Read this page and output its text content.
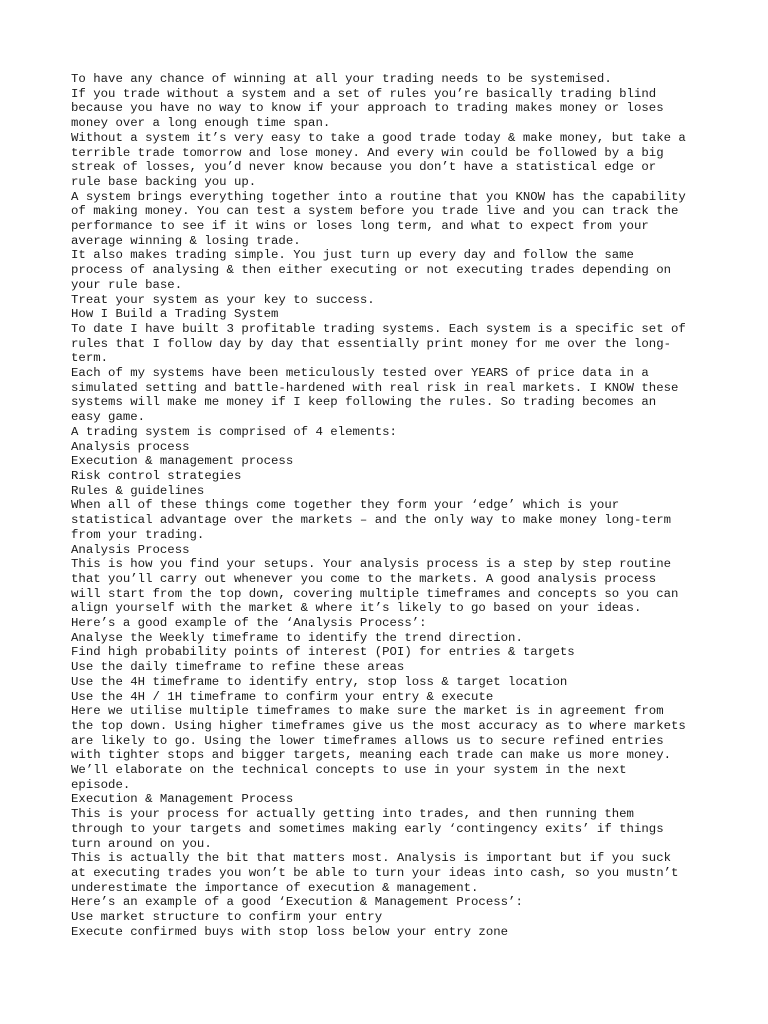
To have any chance of winning at all your trading needs to be systemised.

If you trade without a system and a set of rules you’re basically trading blind

because you have no way to know if your approach to trading makes money or loses

money over a long enough time span.

Without a system it’s very easy to take a good trade today & make money, but take a

terrible trade tomorrow and lose money. And every win could be followed by a big

streak of losses, you’d never know because you don’t have a statistical edge or

rule base backing you up.

A system brings everything together into a routine that you KNOW has the capability

of making money. You can test a system before you trade live and you can track the

performance to see if it wins or loses long term, and what to expect from your

average winning & losing trade.

It also makes trading simple. You just turn up every day and follow the same

process of analysing & then either executing or not executing trades depending on

your rule base.

Treat your system as your key to success.

How I Build a Trading System

To date I have built 3 profitable trading systems. Each system is a specific set of

rules that I follow day by day that essentially print money for me over the long-

term.

Each of my systems have been meticulously tested over YEARS of price data in a

simulated setting and battle-hardened with real risk in real markets. I KNOW these

systems will make me money if I keep following the rules. So trading becomes an

easy game.

A trading system is comprised of 4 elements:

Analysis process

Execution & management process

Risk control strategies

Rules & guidelines

When all of these things come together they form your ‘edge’ which is your

statistical advantage over the markets – and the only way to make money long-term

from your trading.

Analysis Process

This is how you find your setups. Your analysis process is a step by step routine

that you’ll carry out whenever you come to the markets. A good analysis process

will start from the top down, covering multiple timeframes and concepts so you can

align yourself with the market & where it’s likely to go based on your ideas.

Here’s a good example of the ‘Analysis Process’:

Analyse the Weekly timeframe to identify the trend direction.

Find high probability points of interest (POI) for entries & targets

Use the daily timeframe to refine these areas

Use the 4H timeframe to identify entry, stop loss & target location

Use the 4H / 1H timeframe to confirm your entry & execute

Here we utilise multiple timeframes to make sure the market is in agreement from

the top down. Using higher timeframes give us the most accuracy as to where markets

are likely to go. Using the lower timeframes allows us to secure refined entries

with tighter stops and bigger targets, meaning each trade can make us more money.

We’ll elaborate on the technical concepts to use in your system in the next

episode.

Execution & Management Process

This is your process for actually getting into trades, and then running them

through to your targets and sometimes making early ‘contingency exits’ if things

turn around on you.

This is actually the bit that matters most. Analysis is important but if you suck

at executing trades you won’t be able to turn your ideas into cash, so you mustn’t

underestimate the importance of execution & management.

Here’s an example of a good ‘Execution & Management Process’:

Use market structure to confirm your entry

Execute confirmed buys with stop loss below your entry zone
